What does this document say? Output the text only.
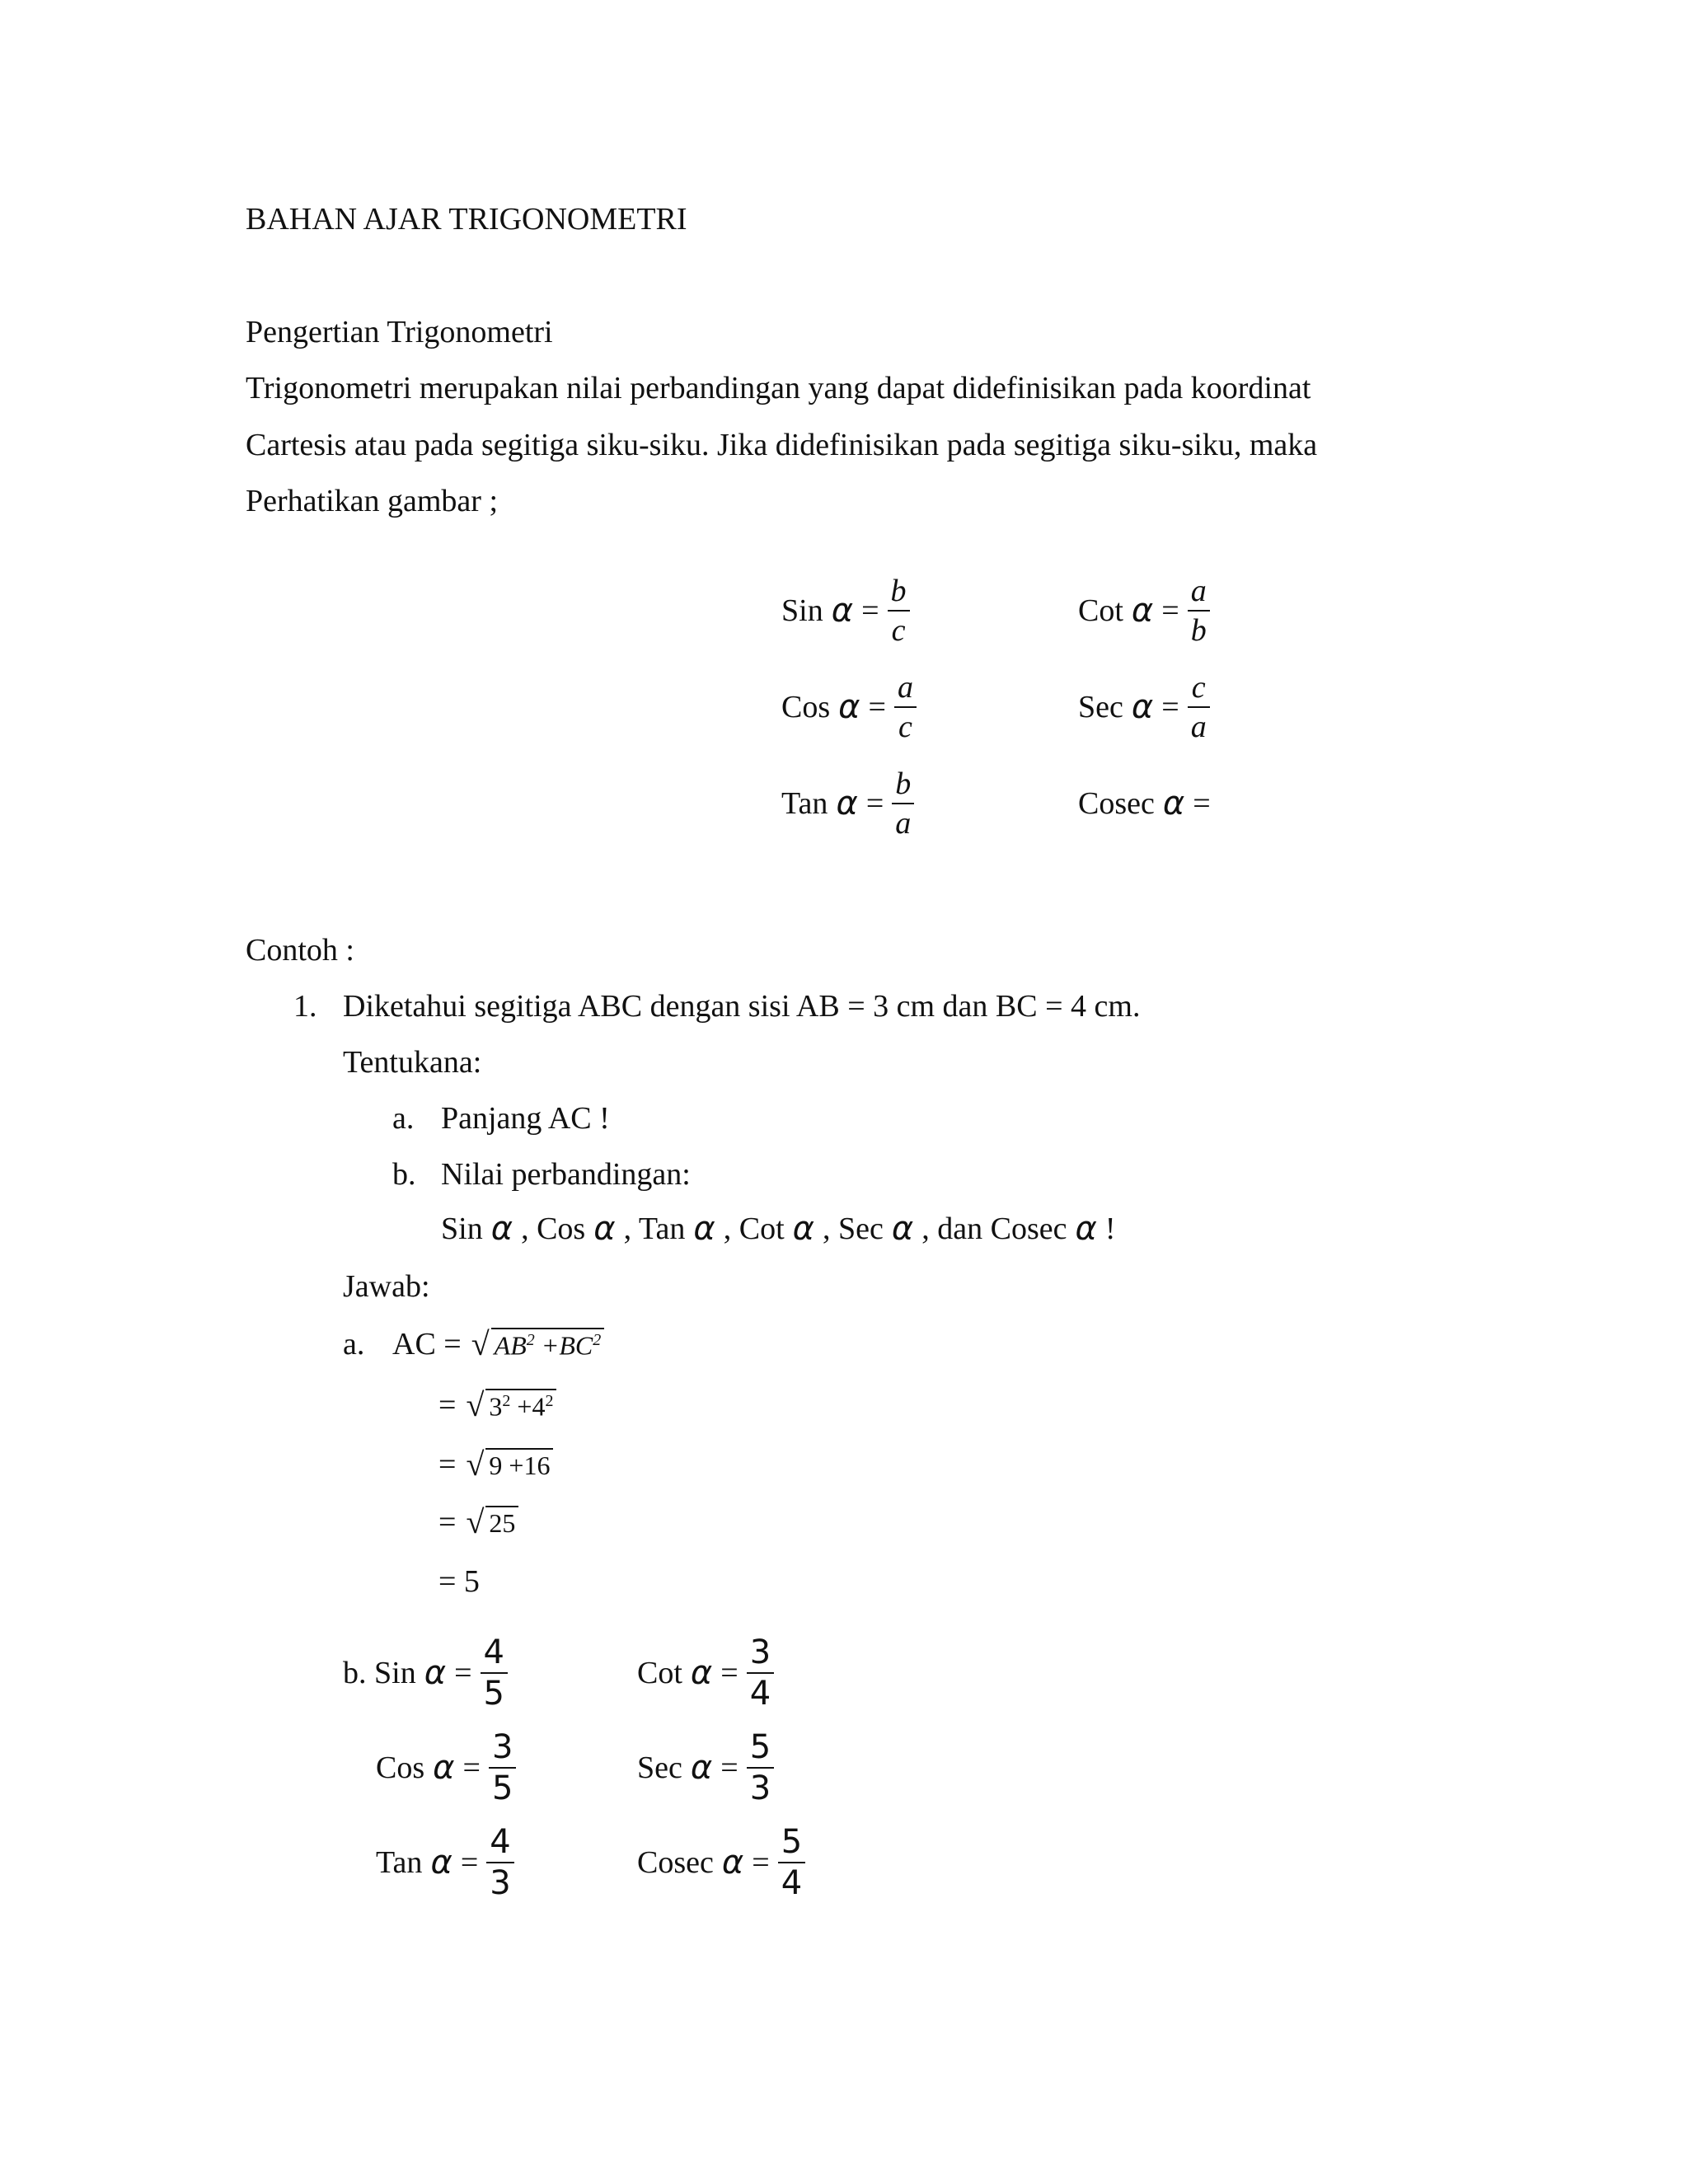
BAHAN AJAR TRIGONOMETRI
Pengertian Trigonometri
Trigonometri merupakan nilai perbandingan yang dapat didefinisikan pada koordinat
Cartesis atau pada segitiga siku-siku. Jika didefinisikan pada segitiga siku-siku, maka
Perhatikan gambar ;
Sin $\alpha = \frac{b}{c}$
Cos $\alpha = \frac{a}{c}$
Tan $\alpha = \frac{b}{a}$
Cot $\alpha = \frac{a}{b}$
Sec $\alpha = \frac{c}{a}$
Cosec α =
Contoh :
1. Diketahui segitiga ABC dengan sisi AB = 3 cm dan BC = 4 cm.
Tentukana:
a. Panjang AC !
b. Nilai perbandingan:
Sin α , Cos α , Tan α , Cot α , Sec α , dan Cosec α !
Jawab:
a. AC = √ $AB^2 +BC^2$
= √ $3^2 +4^2$
= √ 9 +16
= √ 25
= 5
b. Sin $\alpha = \frac{4}{5}$
Cos $\alpha = \frac{3}{5}$
Tan $\alpha = \frac{4}{3}$
Cot $\alpha = \frac{3}{4}$
Sec $\alpha = \frac{5}{3}$
Cosec $\alpha = \frac{5}{4}$
